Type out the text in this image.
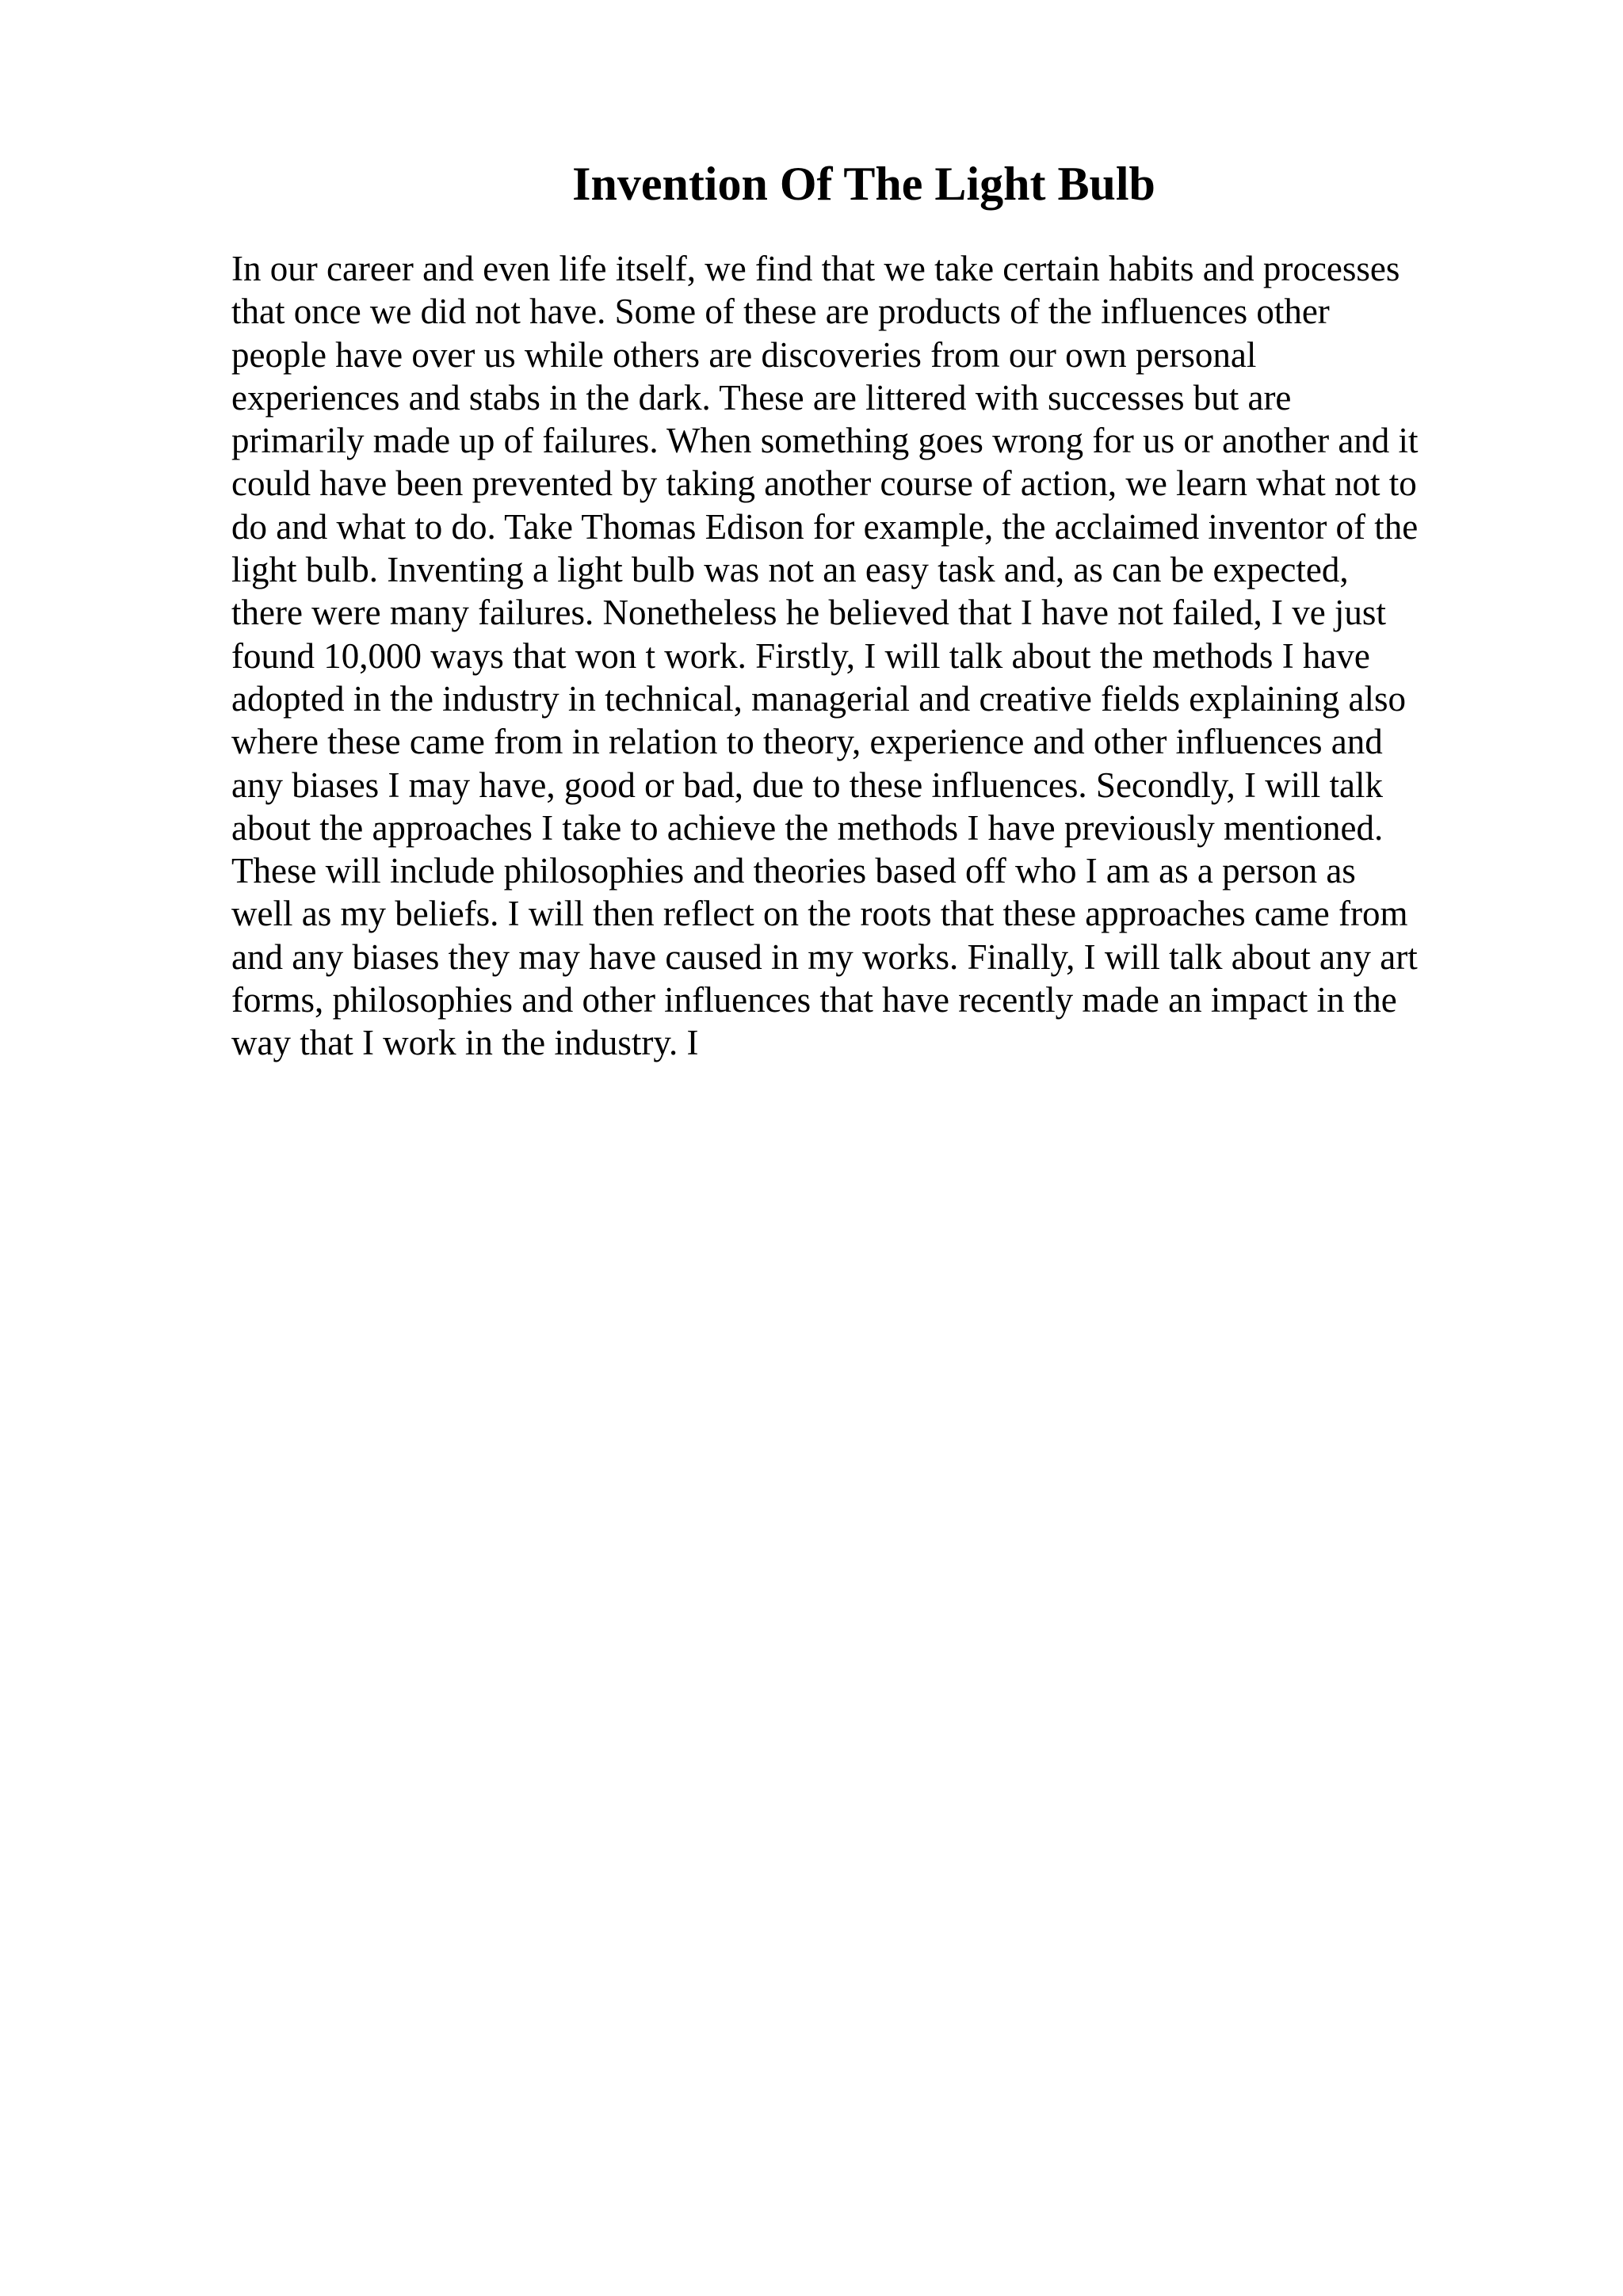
Invention Of The Light Bulb
In our career and even life itself, we find that we take certain habits and processes
that once we did not have. Some of these are products of the influences other
people have over us while others are discoveries from our own personal
experiences and stabs in the dark. These are littered with successes but are
primarily made up of failures. When something goes wrong for us or another and it
could have been prevented by taking another course of action, we learn what not to
do and what to do. Take Thomas Edison for example, the acclaimed inventor of the
light bulb. Inventing a light bulb was not an easy task and, as can be expected,
there were many failures. Nonetheless he believed that I have not failed, I ve just
found 10,000 ways that won t work. Firstly, I will talk about the methods I have
adopted in the industry in technical, managerial and creative fields explaining also
where these came from in relation to theory, experience and other influences and
any biases I may have, good or bad, due to these influences. Secondly, I will talk
about the approaches I take to achieve the methods I have previously mentioned.
These will include philosophies and theories based off who I am as a person as
well as my beliefs. I will then reflect on the roots that these approaches came from
and any biases they may have caused in my works. Finally, I will talk about any art
forms, philosophies and other influences that have recently made an impact in the
way that I work in the industry. I
